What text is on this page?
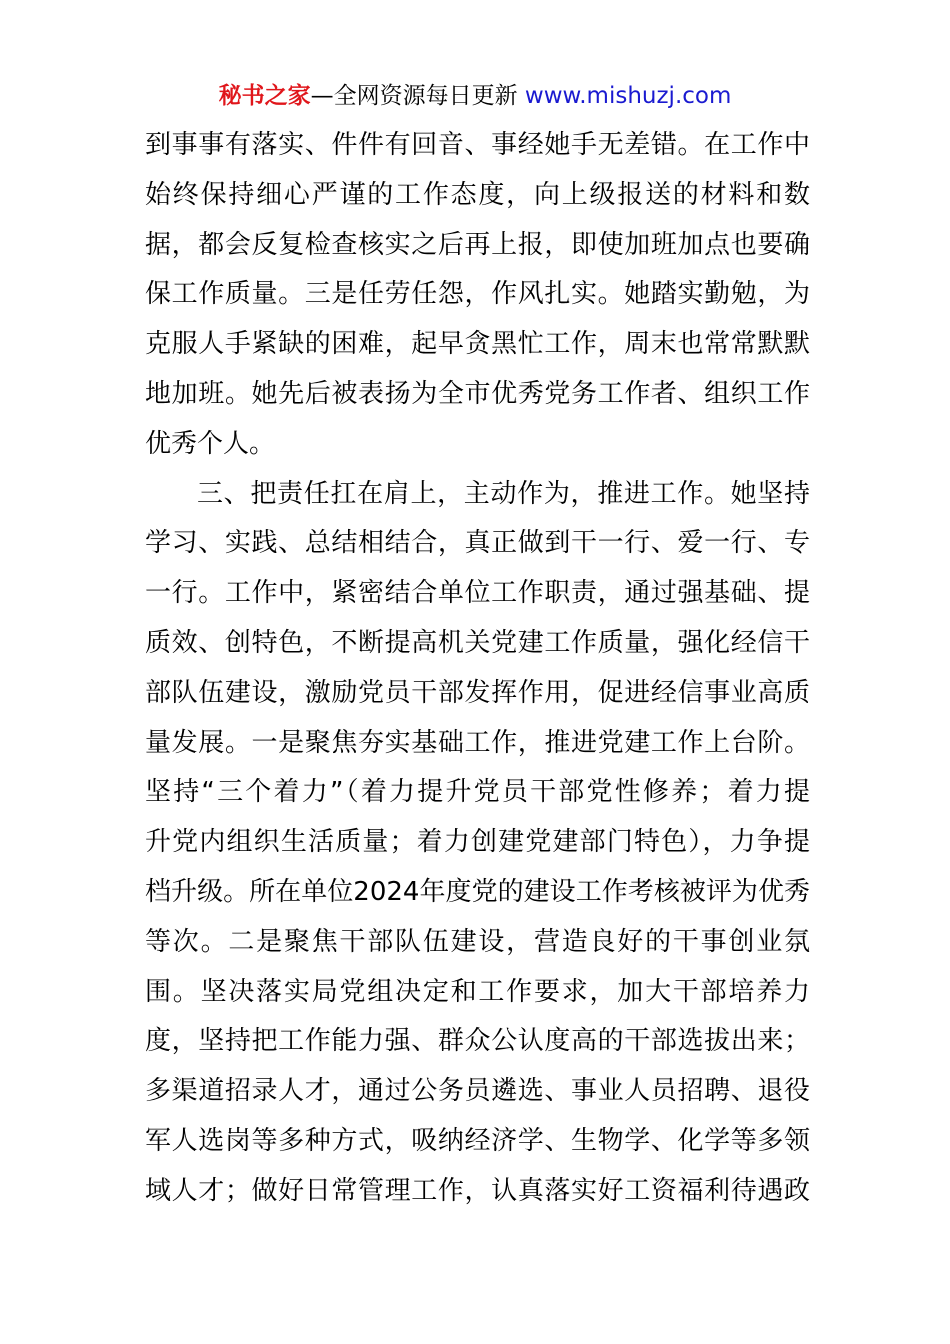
秘书之家—全网资源每日更新 www.mishuzj.com
到事事有落实、件件有回音、事经她手无差错。在工作中
始终保持细心严谨的工作态度，向上级报送的材料和数
据，都会反复检查核实之后再上报，即使加班加点也要确
保工作质量。三是任劳任怨，作风扎实。她踏实勤勉，为
克服人手紧缺的困难，起早贪黑忙工作，周末也常常默默
地加班。她先后被表扬为全市优秀党务工作者、组织工作
优秀个人。
三、把责任扛在肩上，主动作为，推进工作。她坚持
学习、实践、总结相结合，真正做到干一行、爱一行、专
一行。工作中，紧密结合单位工作职责，通过强基础、提
质效、创特色，不断提高机关党建工作质量，强化经信干
部队伍建设，激励党员干部发挥作用，促进经信事业高质
量发展。一是聚焦夯实基础工作，推进党建工作上台阶。
坚持“三个着力”（着力提升党员干部党性修养；着力提
升党内组织生活质量；着力创建党建部门特色），力争提
档升级。所在单位2024年度党的建设工作考核被评为优秀
等次。二是聚焦干部队伍建设，营造良好的干事创业氛
围。坚决落实局党组决定和工作要求，加大干部培养力
度，坚持把工作能力强、群众公认度高的干部选拔出来；
多渠道招录人才，通过公务员遴选、事业人员招聘、退役
军人选岗等多种方式，吸纳经济学、生物学、化学等多领
域人才；做好日常管理工作，认真落实好工资福利待遇政
